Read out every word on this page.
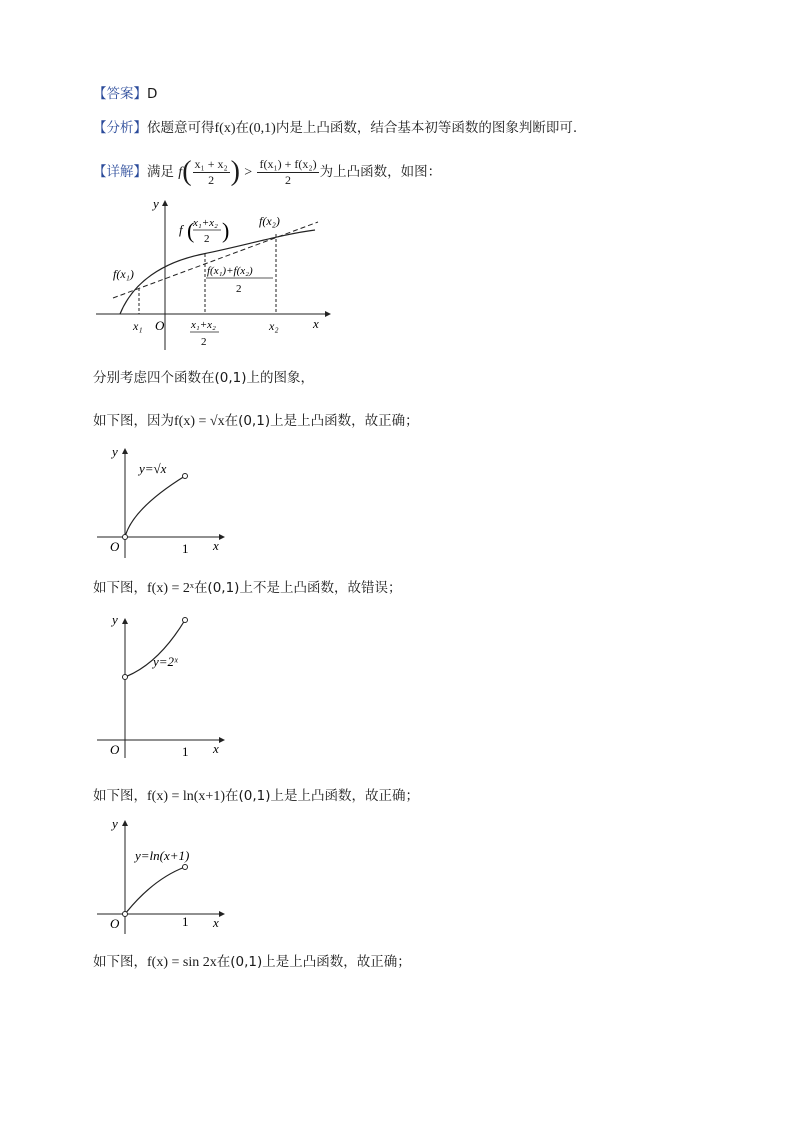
【答案】D
【分析】依题意可得f(x)在(0,1)内是上凸函数，结合基本初等函数的图象判断即可.
【详解】满足 $f( \frac{\text{x₁ + x₂}}{2}$ ) > $\frac{\text{f(x₁) + f(x₂)}}{2}$ 为上凸函数，如图：
y
x
O
f(x₁)
f(x₂)
f (
x₁+x₂
2 )
f(x₁)+f(x₂)
2
x₁	x₂
x₁+x₂
2
分别考虑四个函数在(0,1)上的图象，
如下图，因为f(x) = √x在(0,1)上是上凸函数，故正确；
y
x
O	1
y=√x
如下图，f(x) = 2ˣ在(0,1)上不是上凸函数，故错误；
y
x
O	1
y=2ˣ
如下图，f(x) = ln(x+1)在(0,1)上是上凸函数，故正确；
y
x
O	1
y=ln(x+1)
如下图，f(x) = sin 2x在(0,1)上是上凸函数，故正确；
